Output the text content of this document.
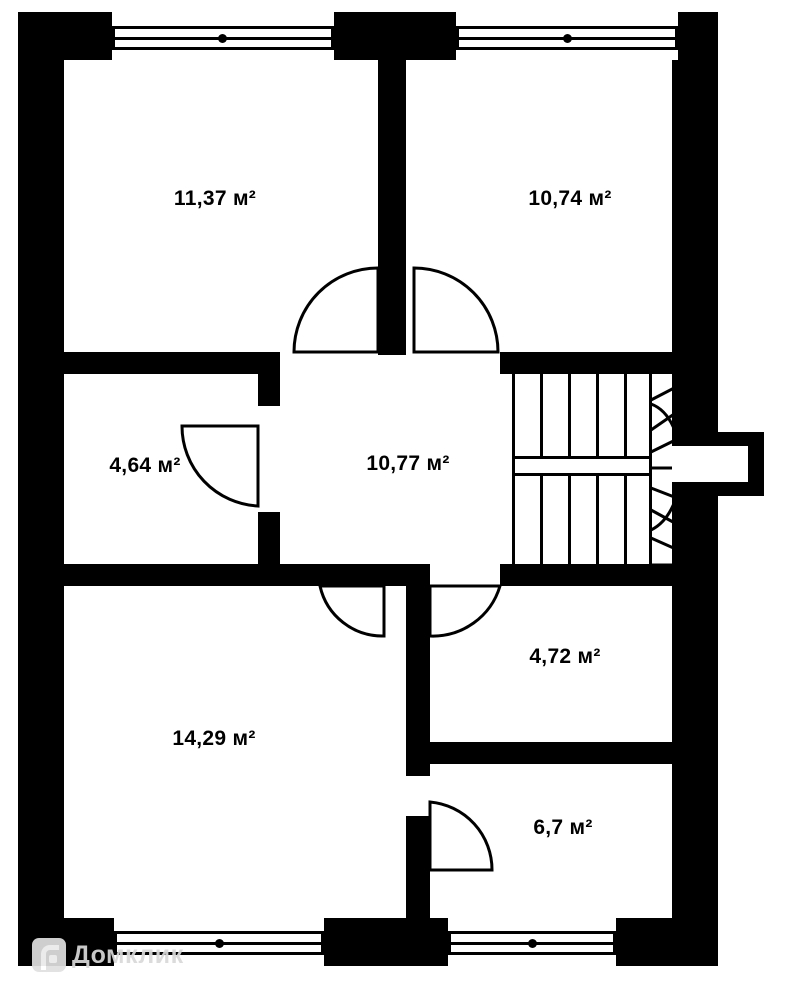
11,37 м²	10,74 м²
4,64 м²	10,77 м²
4,72 м²
14,29 м²
6,7 м²
Домклик
